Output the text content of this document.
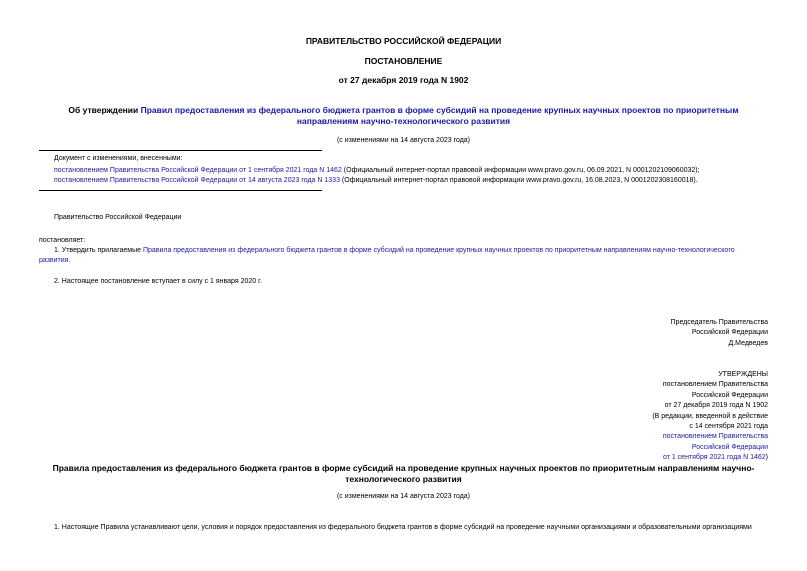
ПРАВИТЕЛЬСТВО РОССИЙСКОЙ ФЕДЕРАЦИИ
ПОСТАНОВЛЕНИЕ
от 27 декабря 2019 года N 1902
Об утверждении Правил предоставления из федерального бюджета грантов в форме субсидий на проведение крупных научных проектов по приоритетным
направлениям научно-технологического развития
(с изменениями на 14 августа 2023 года)
Документ с изменениями, внесенными:
постановлением Правительства Российской Федерации от 1 сентября 2021 года N 1462 (Официальный интернет-портал правовой информации www.pravo.gov.ru, 06.09.2021, N 0001202109060032);
постановлением Правительства Российской Федерации от 14 августа 2023 года N 1333 (Официальный интернет-портал правовой информации www.pravo.gov.ru, 16.08.2023, N 0001202308160018).
Правительство Российской Федерации
постановляет:
1. Утвердить прилагаемые Правила предоставления из федерального бюджета грантов в форме субсидий на проведение крупных научных проектов по приоритетным направлениям научно-технологического
развития.
2. Настоящее постановление вступает в силу с 1 января 2020 г.
Председатель Правительства
Российской Федерации
Д.Медведев
УТВЕРЖДЕНЫ
постановлением Правительства
Российской Федерации
от 27 декабря 2019 года N 1902
(В редакции, введенной в действие
с 14 сентября 2021 года
постановлением Правительства
Российской Федерации
от 1 сентября 2021 года N 1462)
Правила предоставления из федерального бюджета грантов в форме субсидий на проведение крупных научных проектов по приоритетным направлениям научно-
технологического развития
(с изменениями на 14 августа 2023 года)
1. Настоящие Правила устанавливают цели, условия и порядок предоставления из федерального бюджета грантов в форме субсидий на проведение научными организациями и образовательными организациями
